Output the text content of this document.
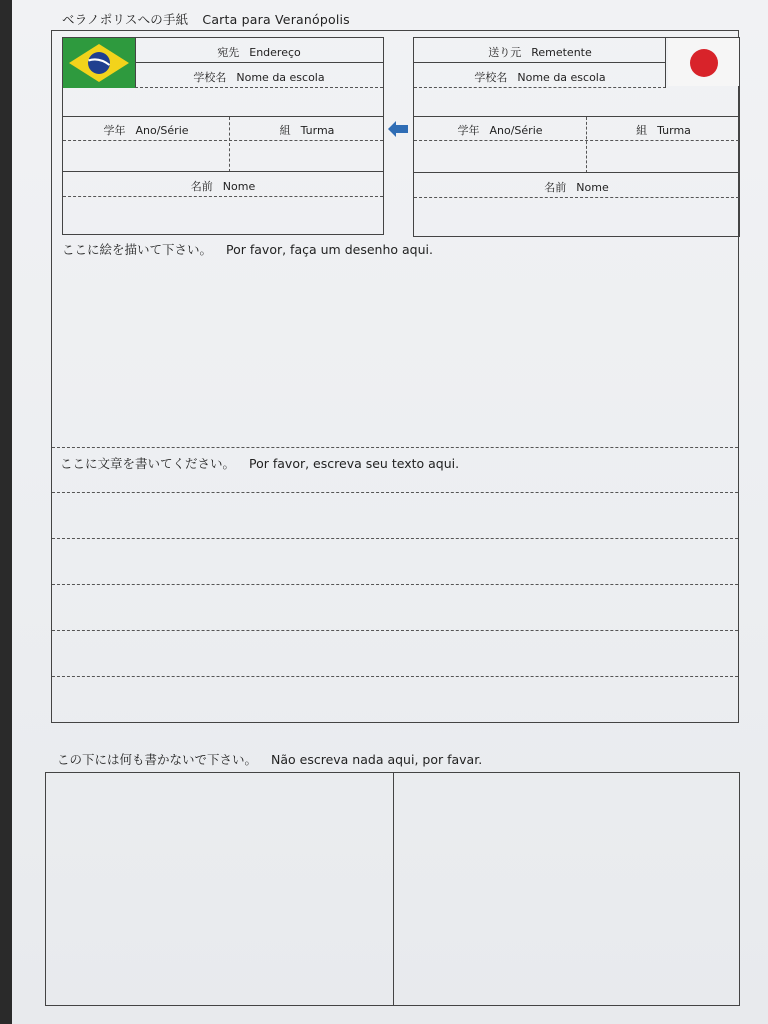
ベラノポリスへの手紙 Carta para Veranópolis
宛先 Endereço
学校名 Nome da escola
学年 Ano/Série	組 Turma
名前 Nome
送り元 Remetente
学校名 Nome da escola
学年 Ano/Série	組 Turma
名前 Nome
ここに絵を描いて下さい。 Por favor, faça um desenho aqui.
ここに文章を書いてください。 Por favor, escreva seu texto aqui.
この下には何も書かないで下さい。 Não escreva nada aqui, por favar.
